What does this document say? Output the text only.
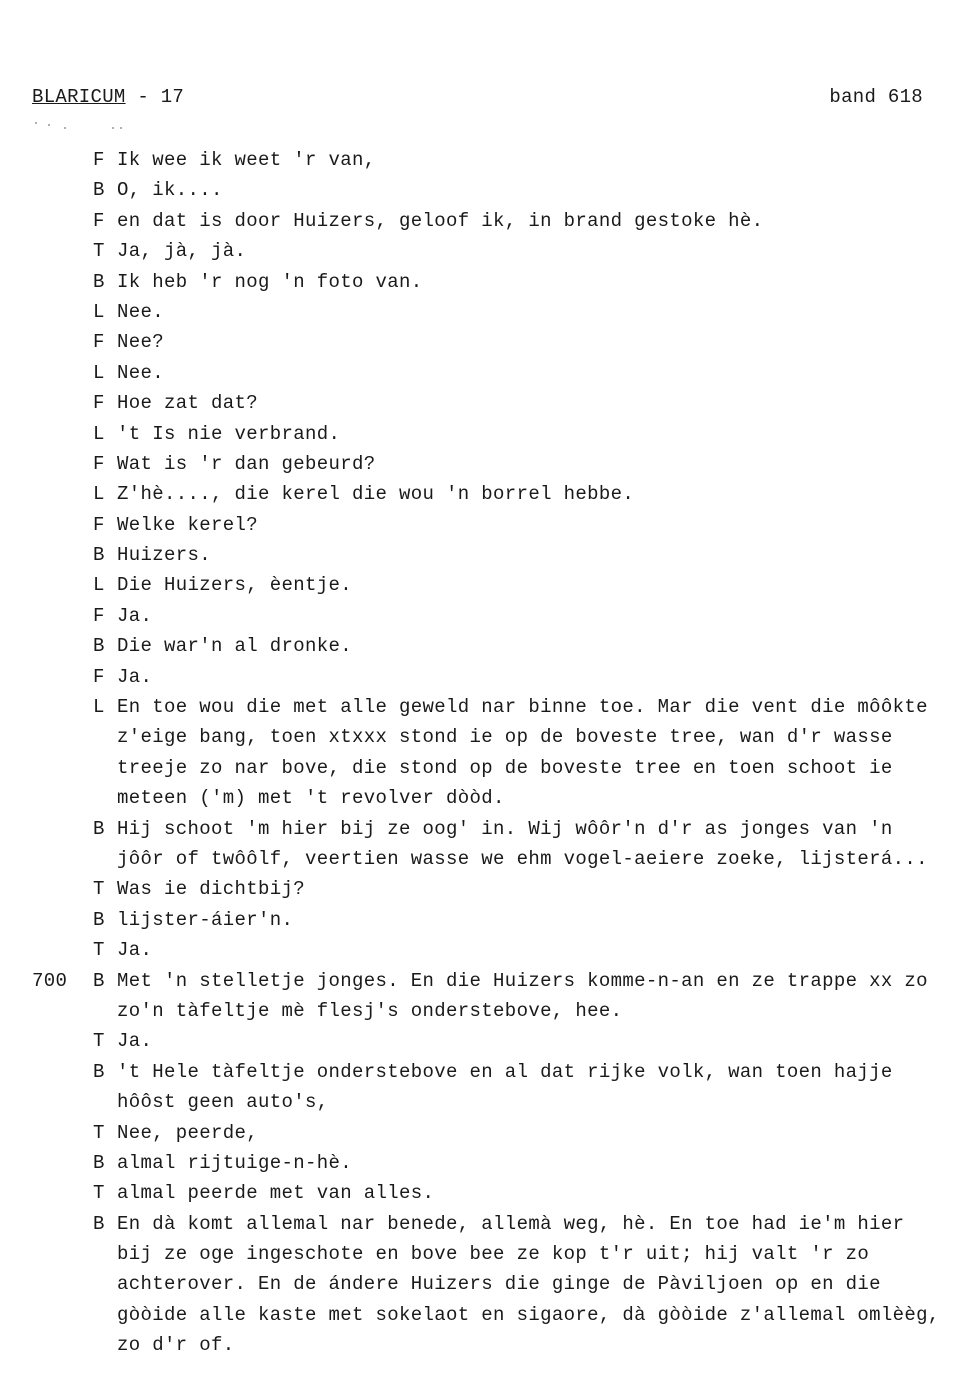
BLARICUM - 17	band 618
F Ik wee ik weet 'r van,
B O, ik....
F en dat is door Huizers, geloof ik, in brand gestoke hè.
T Ja, jà, jà.
B Ik heb 'r nog 'n foto van.
L Nee.
F Nee?
L Nee.
F Hoe zat dat?
L 't Is nie verbrand.
F Wat is 'r dan gebeurd?
L Z'hè...., die kerel die wou 'n borrel hebbe.
F Welke kerel?
B Huizers.
L Die Huizers, èentje.
F Ja.
B Die war'n al dronke.
F Ja.
L En toe wou die met alle geweld nar binne toe. Mar die vent die môôkte
z'eige bang, toen xtxxx stond ie op de boveste tree, wan d'r wasse
treeje zo nar bove, die stond op de boveste tree en toen schoot ie
meteen ('m) met 't revolver dòòd.
B Hij schoot 'm hier bij ze oog' in. Wij wôôr'n d'r as jonges van 'n
jôôr of twôôlf, veertien wasse we ehm vogel-aeiere zoeke, lijsterá...
T Was ie dichtbij?
B lijster-áier'n.
T Ja.
700 B Met 'n stelletje jonges. En die Huizers komme-n-an en ze trappe xx zo
zo'n tàfeltje mè flesj's onderstebove, hee.
T Ja.
B 't Hele tàfeltje onderstebove en al dat rijke volk, wan toen hajje
hôôst geen auto's,
T Nee, peerde,
B almal rijtuige-n-hè.
T almal peerde met van alles.
B En dà komt allemal nar benede, allemà weg, hè. En toe had ie'm hier
bij ze oge ingeschote en bove bee ze kop t'r uit; hij valt 'r zo
achterover. En de ándere Huizers die ginge de Pàviljoen op en die
gòòide alle kaste met sokelaot en sigaore, dà gòòide z'allemal omlèèg,
zo d'r of.
